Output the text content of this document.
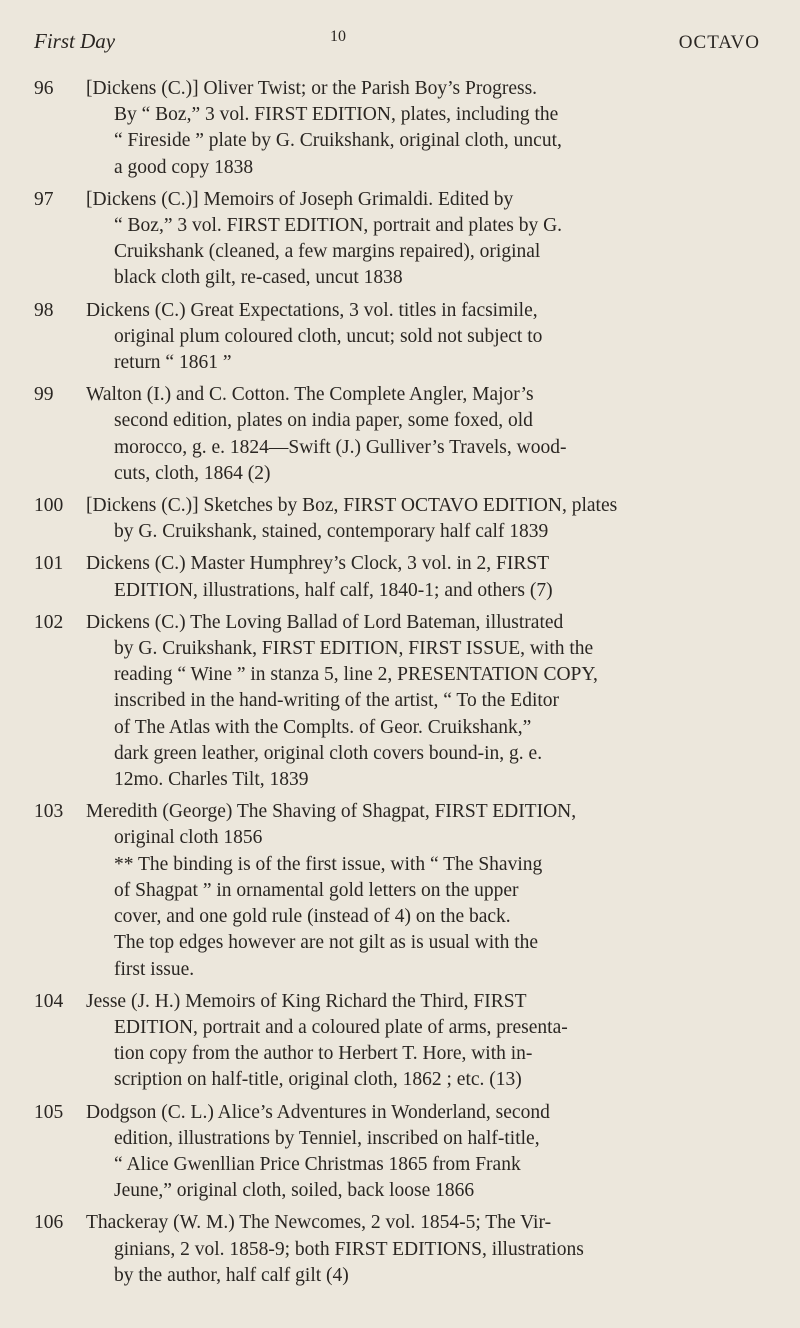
First Day	OCTAVO
10
96	[Dickens (C.)] Oliver Twist; or the Parish Boy’s Progress.
By “ Boz,” 3 vol. FIRST EDITION, plates, including the
“ Fireside ” plate by G. Cruikshank, original cloth, uncut,
a good copy 1838
97	[Dickens (C.)] Memoirs of Joseph Grimaldi. Edited by
“ Boz,” 3 vol. FIRST EDITION, portrait and plates by G.
Cruikshank (cleaned, a few margins repaired), original
black cloth gilt, re-cased, uncut 1838
98	Dickens (C.) Great Expectations, 3 vol. titles in facsimile,
original plum coloured cloth, uncut; sold not subject to
return “ 1861 ”
99	Walton (I.) and C. Cotton. The Complete Angler, Major’s
second edition, plates on india paper, some foxed, old
morocco, g. e. 1824—Swift (J.) Gulliver’s Travels, wood-
cuts, cloth, 1864 (2)
100	[Dickens (C.)] Sketches by Boz, FIRST OCTAVO EDITION, plates
by G. Cruikshank, stained, contemporary half calf 1839
101	Dickens (C.) Master Humphrey’s Clock, 3 vol. in 2, FIRST
EDITION, illustrations, half calf, 1840-1; and others (7)
102	Dickens (C.) The Loving Ballad of Lord Bateman, illustrated
by G. Cruikshank, FIRST EDITION, FIRST ISSUE, with the
reading “ Wine ” in stanza 5, line 2, PRESENTATION COPY,
inscribed in the hand-writing of the artist, “ To the Editor
of The Atlas with the Complts. of Geor. Cruikshank,”
dark green leather, original cloth covers bound-in, g. e.
12mo. Charles Tilt, 1839
103	Meredith (George) The Shaving of Shagpat, FIRST EDITION,
original cloth 1856
** The binding is of the first issue, with “ The Shaving
of Shagpat ” in ornamental gold letters on the upper
cover, and one gold rule (instead of 4) on the back.
The top edges however are not gilt as is usual with the
first issue.
104	Jesse (J. H.) Memoirs of King Richard the Third, FIRST
EDITION, portrait and a coloured plate of arms, presenta-
tion copy from the author to Herbert T. Hore, with in-
scription on half-title, original cloth, 1862 ; etc. (13)
105	Dodgson (C. L.) Alice’s Adventures in Wonderland, second
edition, illustrations by Tenniel, inscribed on half-title,
“ Alice Gwenllian Price Christmas 1865 from Frank
Jeune,” original cloth, soiled, back loose 1866
106	Thackeray (W. M.) The Newcomes, 2 vol. 1854-5; The Vir-
ginians, 2 vol. 1858-9; both FIRST EDITIONS, illustrations
by the author, half calf gilt (4)
